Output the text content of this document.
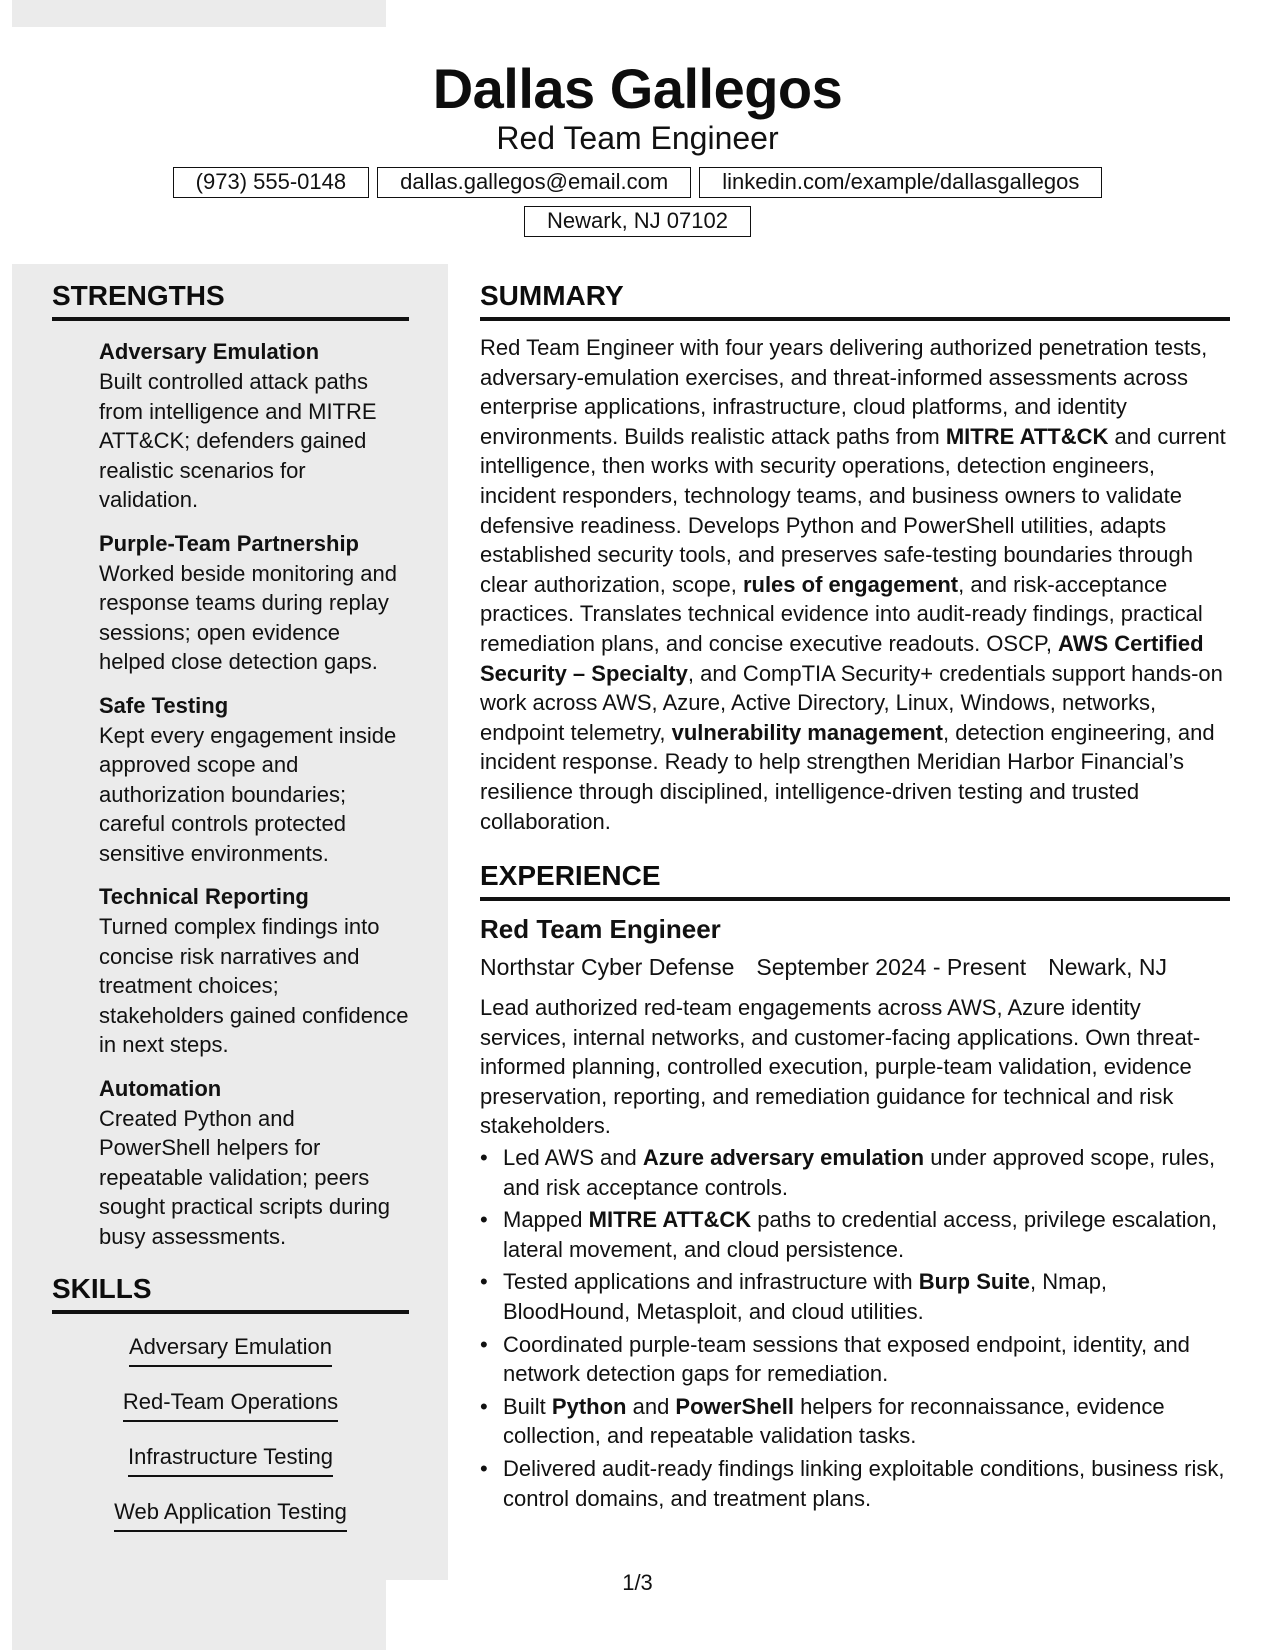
Dallas Gallegos
Red Team Engineer
(973) 555-0148	dallas.gallegos@email.com	linkedin.com/example/dallasgallegos
Newark, NJ 07102
STRENGTHS
Adversary Emulation
Built controlled attack paths from intelligence and MITRE ATT&CK; defenders gained realistic scenarios for validation.
Purple-Team Partnership
Worked beside monitoring and response teams during replay sessions; open evidence helped close detection gaps.
Safe Testing
Kept every engagement inside approved scope and authorization boundaries; careful controls protected sensitive environments.
Technical Reporting
Turned complex findings into concise risk narratives and treatment choices; stakeholders gained confidence in next steps.
Automation
Created Python and PowerShell helpers for repeatable validation; peers sought practical scripts during busy assessments.
SKILLS
Adversary Emulation
Red-Team Operations
Infrastructure Testing
Web Application Testing
SUMMARY
Red Team Engineer with four years delivering authorized penetration tests, adversary-emulation exercises, and threat-informed assessments across enterprise applications, infrastructure, cloud platforms, and identity environments. Builds realistic attack paths from MITRE ATT&CK and current intelligence, then works with security operations, detection engineers, incident responders, technology teams, and business owners to validate defensive readiness. Develops Python and PowerShell utilities, adapts established security tools, and preserves safe-testing boundaries through clear authorization, scope, rules of engagement, and risk-acceptance practices. Translates technical evidence into audit-ready findings, practical remediation plans, and concise executive readouts. OSCP, AWS Certified Security – Specialty, and CompTIA Security+ credentials support hands-on work across AWS, Azure, Active Directory, Linux, Windows, networks, endpoint telemetry, vulnerability management, detection engineering, and incident response. Ready to help strengthen Meridian Harbor Financial’s resilience through disciplined, intelligence-driven testing and trusted collaboration.
EXPERIENCE
Red Team Engineer
Northstar Cyber Defense September 2024 - Present Newark, NJ
Lead authorized red-team engagements across AWS, Azure identity services, internal networks, and customer-facing applications. Own threat-informed planning, controlled execution, purple-team validation, evidence preservation, reporting, and remediation guidance for technical and risk stakeholders.
• Led AWS and Azure adversary emulation under approved scope, rules, and risk acceptance controls.
• Mapped MITRE ATT&CK paths to credential access, privilege escalation, lateral movement, and cloud persistence.
• Tested applications and infrastructure with Burp Suite, Nmap, BloodHound, Metasploit, and cloud utilities.
• Coordinated purple-team sessions that exposed endpoint, identity, and network detection gaps for remediation.
• Built Python and PowerShell helpers for reconnaissance, evidence collection, and repeatable validation tasks.
• Delivered audit-ready findings linking exploitable conditions, business risk, control domains, and treatment plans.
1/3
